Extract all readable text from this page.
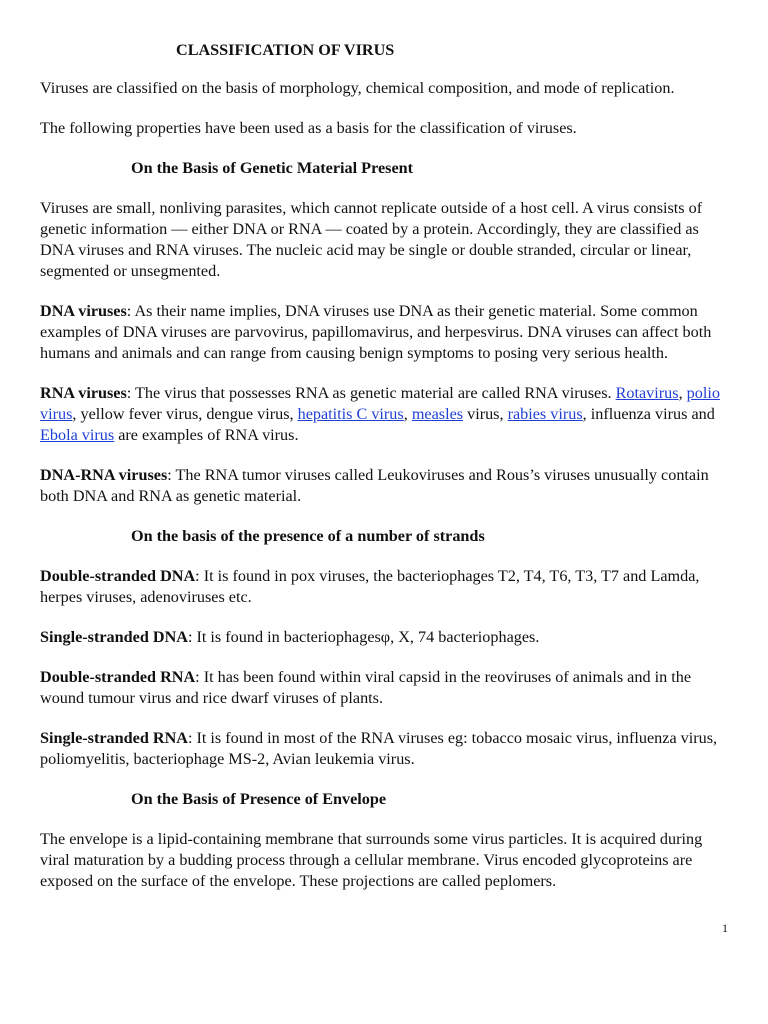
CLASSIFICATION OF VIRUS

Viruses are classified on the basis of morphology, chemical composition, and mode of replication.

The following properties have been used as a basis for the classification of viruses.

On the Basis of Genetic Material Present

Viruses are small, nonliving parasites, which cannot replicate outside of a host cell. A virus consists of genetic information — either DNA or RNA — coated by a protein. Accordingly, they are classified as DNA viruses and RNA viruses. The nucleic acid may be single or double stranded, circular or linear, segmented or unsegmented.

DNA viruses: As their name implies, DNA viruses use DNA as their genetic material. Some common examples of DNA viruses are parvovirus, papillomavirus, and herpesvirus. DNA viruses can affect both humans and animals and can range from causing benign symptoms to posing very serious health.

RNA viruses: The virus that possesses RNA as genetic material are called RNA viruses. Rotavirus, polio virus, yellow fever virus, dengue virus, hepatitis C virus, measles virus, rabies virus, influenza virus and Ebola virus are examples of RNA virus.

DNA-RNA viruses: The RNA tumor viruses called Leukoviruses and Rous’s viruses unusually contain both DNA and RNA as genetic material.

On the basis of the presence of a number of strands

Double-stranded DNA: It is found in pox viruses, the bacteriophages T2, T4, T6, T3, T7 and Lamda, herpes viruses, adenoviruses etc.

Single-stranded DNA: It is found in bacteriophagesφ, X, 74 bacteriophages.

Double-stranded RNA: It has been found within viral capsid in the reoviruses of animals and in the wound tumour virus and rice dwarf viruses of plants.

Single-stranded RNA: It is found in most of the RNA viruses eg: tobacco mosaic virus, influenza virus, poliomyelitis, bacteriophage MS-2, Avian leukemia virus.

On the Basis of Presence of Envelope

The envelope is a lipid-containing membrane that surrounds some virus particles. It is acquired during viral maturation by a budding process through a cellular membrane. Virus encoded glycoproteins are exposed on the surface of the envelope. These projections are called peplomers.

1
